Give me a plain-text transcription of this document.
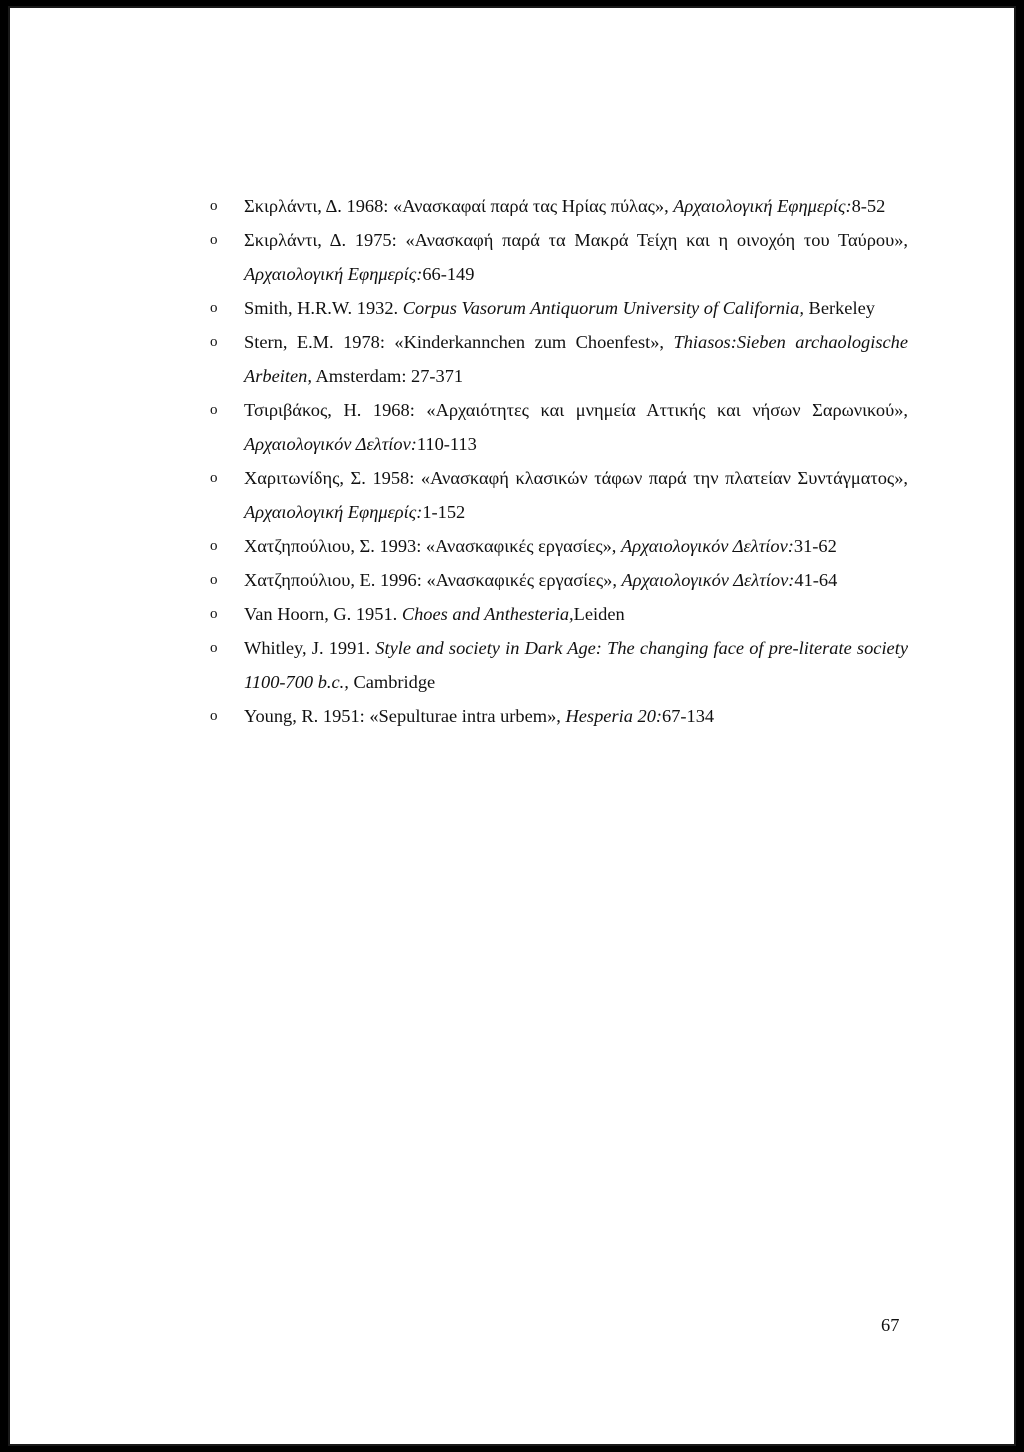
o Σκιρλάντι, Δ. 1968: «Ανασκαφαί παρά τας Ηρίας πύλας», Αρχαιολογική Εφημερίς:8-52
o Σκιρλάντι, Δ. 1975: «Ανασκαφή παρά τα Μακρά Τείχη και η οινοχόη του Ταύρου», Αρχαιολογική Εφημερίς:66-149
o Smith, H.R.W. 1932. Corpus Vasorum Antiquorum University of California, Berkeley
o Stern, E.M. 1978: «Kinderkannchen zum Choenfest», Thiasos:Sieben archaologische Arbeiten, Amsterdam: 27-371
o Τσιριβάκος, Η. 1968: «Αρχαιότητες και μνημεία Αττικής και νήσων Σαρωνικού», Αρχαιολογικόν Δελτίον:110-113
o Χαριτωνίδης, Σ. 1958: «Ανασκαφή κλασικών τάφων παρά την πλατείαν Συντάγματος», Αρχαιολογική Εφημερίς:1-152
o Χατζηπούλιου, Σ. 1993: «Ανασκαφικές εργασίες», Αρχαιολογικόν Δελτίον:31-62
o Χατζηπούλιου, Ε. 1996: «Ανασκαφικές εργασίες», Αρχαιολογικόν Δελτίον:41-64
o Van Hoorn, G. 1951. Choes and Anthesteria,Leiden
o Whitley, J. 1991. Style and society in Dark Age: The changing face of pre-literate society 1100-700 b.c., Cambridge
o Young, R. 1951: «Sepulturae intra urbem», Hesperia 20:67-134
67
